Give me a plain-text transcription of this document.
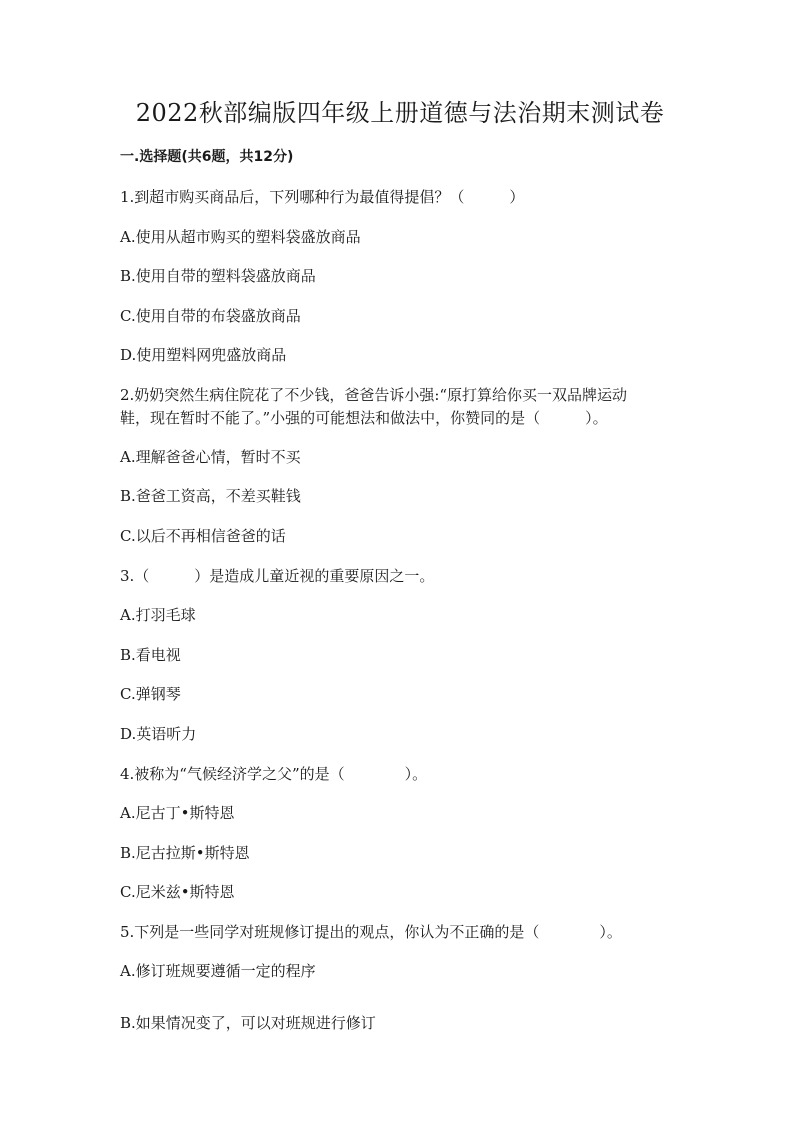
2022秋部编版四年级上册道德与法治期末测试卷
一.选择题(共6题，共12分)
1.到超市购买商品后，下列哪种行为最值得提倡？（　　　）
A.使用从超市购买的塑料袋盛放商品
B.使用自带的塑料袋盛放商品
C.使用自带的布袋盛放商品
D.使用塑料网兜盛放商品
2.奶奶突然生病住院花了不少钱，爸爸告诉小强:“原打算给你买一双品牌运动
鞋，现在暂时不能了。”小强的可能想法和做法中，你赞同的是（　　　）。
A.理解爸爸心情，暂时不买
B.爸爸工资高，不差买鞋钱
C.以后不再相信爸爸的话
3.（　　　）是造成儿童近视的重要原因之一。
A.打羽毛球
B.看电视
C.弹钢琴
D.英语听力
4.被称为“气候经济学之父”的是（　　　　）。
A.尼古丁•斯特恩
B.尼古拉斯•斯特恩
C.尼米兹•斯特恩
5.下列是一些同学对班规修订提出的观点，你认为不正确的是（　　　　）。
A.修订班规要遵循一定的程序
B.如果情况变了，可以对班规进行修订
